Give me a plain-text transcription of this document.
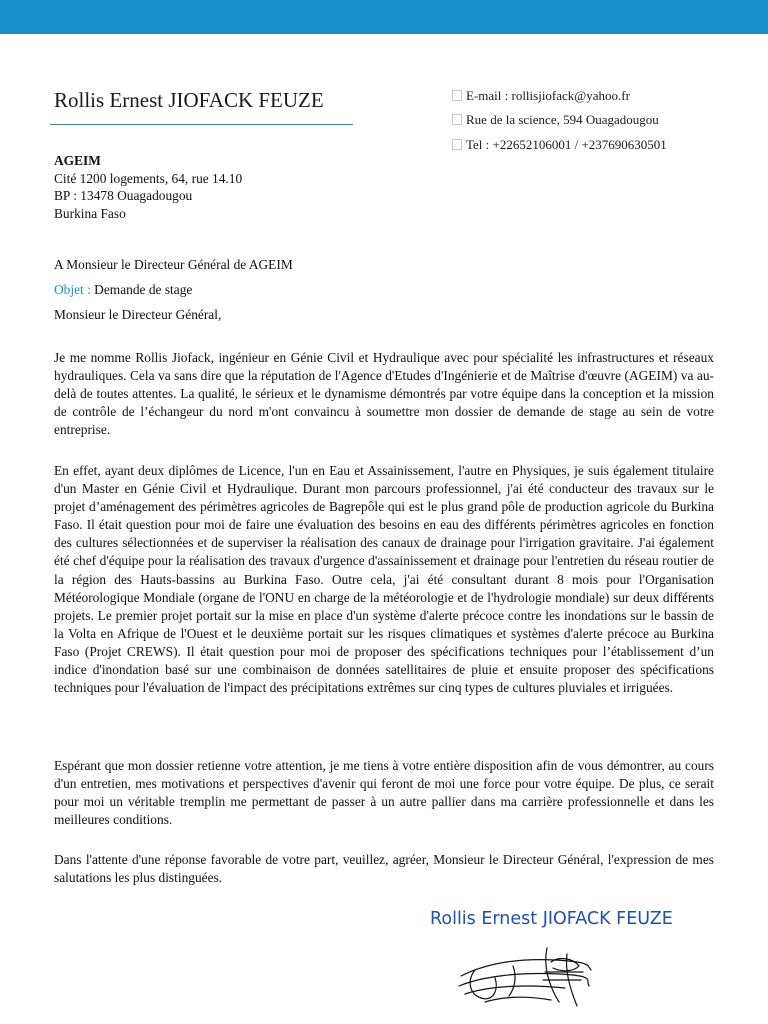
Rollis Ernest JIOFACK FEUZE	E-mail : rollisjiofack@yahoo.fr
Rue de la science, 594 Ouagadougou
Tel : +22652106001 / +237690630501
AGEIM
Cité 1200 logements, 64, rue 14.10
BP : 13478 Ouagadougou
Burkina Faso
A Monsieur le Directeur Général de AGEIM
Objet : Demande de stage
Monsieur le Directeur Général,

Je me nomme Rollis Jiofack, ingénieur en Génie Civil et Hydraulique avec pour spécialité les infrastructures et réseaux hydrauliques. Cela va sans dire que la réputation de l'Agence d'Etudes d'Ingénierie et de Maîtrise d'œuvre (AGEIM) va au-delà de toutes attentes. La qualité, le sérieux et le dynamisme démontrés par votre équipe dans la conception et la mission de contrôle de l’échangeur du nord m'ont convaincu à soumettre mon dossier de demande de stage au sein de votre entreprise.

En effet, ayant deux diplômes de Licence, l'un en Eau et Assainissement, l'autre en Physiques, je suis également titulaire d'un Master en Génie Civil et Hydraulique. Durant mon parcours professionnel, j'ai été conducteur des travaux sur le projet d’aménagement des périmètres agricoles de Bagrepôle qui est le plus grand pôle de production agricole du Burkina Faso. Il était question pour moi de faire une évaluation des besoins en eau des différents périmètres agricoles en fonction des cultures sélectionnées et de superviser la réalisation des canaux de drainage pour l'irrigation gravitaire. J'ai également été chef d'équipe pour la réalisation des travaux d'urgence d'assainissement et drainage pour l'entretien du réseau routier de la région des Hauts-bassins au Burkina Faso. Outre cela, j'ai été consultant durant 8 mois pour l'Organisation Météorologique Mondiale (organe de l'ONU en charge de la météorologie et de l'hydrologie mondiale) sur deux différents projets. Le premier projet portait sur la mise en place d'un système d'alerte précoce contre les inondations sur le bassin de la Volta en Afrique de l'Ouest et le deuxième portait sur les risques climatiques et systèmes d'alerte précoce au Burkina Faso (Projet CREWS). Il était question pour moi de proposer des spécifications techniques pour l’établissement d’un indice d'inondation basé sur une combinaison de données satellitaires de pluie et ensuite proposer des spécifications techniques pour l'évaluation de l'impact des précipitations extrêmes sur cinq types de cultures pluviales et irriguées.

Espérant que mon dossier retienne votre attention, je me tiens à votre entière disposition afin de vous démontrer, au cours d'un entretien, mes motivations et perspectives d'avenir qui feront de moi une force pour votre équipe. De plus, ce serait pour moi un véritable tremplin me permettant de passer à un autre pallier dans ma carrière professionnelle et dans les meilleures conditions.

Dans l'attente d'une réponse favorable de votre part, veuillez, agréer, Monsieur le Directeur Général, l'expression de mes salutations les plus distinguées.

Rollis Ernest JIOFACK FEUZE
